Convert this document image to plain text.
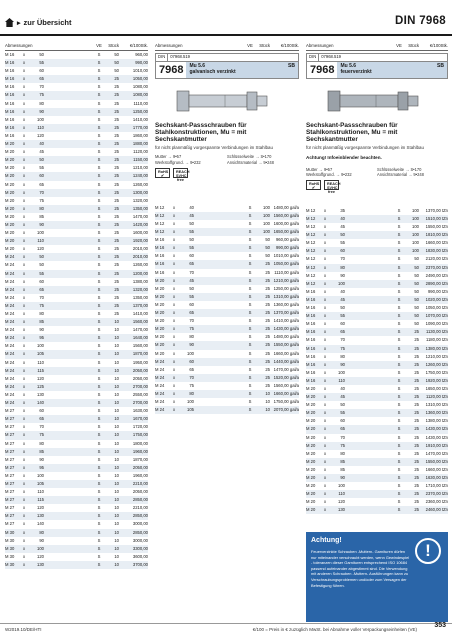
▸ zur Übersicht	DIN 7968
Abmessungen	VE	Stück	€/100Stk.
M 16	x	50	S	50	960,00
M 16	x	55	S	50	990,00
M 16	x	60	S	50	1010,00
M 16	x	65	S	25	1050,00
M 16	x	70	S	25	1080,00
M 16	x	75	S	25	1080,00
M 16	x	80	S	25	1110,00
M 16	x	90	S	25	1250,00
M 16	x	100	S	25	1410,00
M 16	x	110	S	25	1770,00
M 16	x	120	S	25	1860,00
M 20	x	40	S	25	1880,00
M 20	x	45	S	25	1120,00
M 20	x	50	S	25	1150,00
M 20	x	55	S	25	1210,00
M 20	x	60	S	25	1240,00
M 20	x	65	S	25	1260,00
M 20	x	70	S	25	1300,00
M 20	x	75	S	25	1320,00
M 20	x	80	S	25	1350,00
M 20	x	85	S	25	1470,00
M 20	x	90	S	25	1420,00
M 20	x	100	S	25	1600,00
M 20	x	110	S	25	1920,00
M 20	x	120	S	25	2010,00
M 24	x	50	S	25	2010,00
M 24	x	50	S	25	1260,00
M 24	x	55	S	25	1200,00
M 24	x	60	S	25	1380,00
M 24	x	65	S	25	1320,00
M 24	x	70	S	25	1350,00
M 24	x	75	S	25	1370,00
M 24	x	80	S	25	1410,00
M 24	x	85	S	10	1560,00
M 24	x	90	S	10	1470,00
M 24	x	95	S	10	1640,00
M 24	x	100	S	10	1560,00
M 24	x	105	S	10	1870,00
M 24	x	110	S	10	1950,00
M 24	x	115	S	10	2050,00
M 24	x	120	S	10	2050,00
M 24	x	125	S	10	2700,00
M 24	x	130	S	10	2550,00
M 24	x	140	S	10	2700,00
M 27	x	60	S	10	1630,00
M 27	x	65	S	10	1670,00
M 27	x	70	S	10	1720,00
M 27	x	75	S	10	1750,00
M 27	x	80	S	10	1800,00
M 27	x	85	S	10	1960,00
M 27	x	90	S	10	1870,00
M 27	x	95	S	10	2050,00
M 27	x	100	S	10	1960,00
M 27	x	105	S	10	2210,00
M 27	x	110	S	10	2050,00
M 27	x	115	S	10	2850,00
M 27	x	120	S	10	2210,00
M 27	x	130	S	10	2850,00
M 27	x	140	S	10	3000,00
M 30	x	80	S	10	2850,00
M 30	x	90	S	10	3000,00
M 30	x	100	S	10	3300,00
M 30	x	120	S	10	3600,00
M 30	x	130	S	10	3700,00
Abmessungen	VE	Stück	€/100Stk.
DIN	07968.519
7968	Mu 5.6
galvanisch verzinkt
SB
Sechskant-Passschrauben für Stahlkonstruktionen, Mu = mit Sechskantmutter
für nicht planmäßig vorgespannte Verbindungen im Stahlbau
Mutter → 9•57	Schlüsselweite → S•170
Werkstoffgrund. → 9•232	Ansichtsmaterial → 9•248
RoHS ✔
REACH SVHC free
M 12	x	40	S	100 1480,00 gal/a
M 12	x	45	S	100 1560,00 gal/a
M 12	x	50	S	100 1600,00 gal/a
M 12	x	55	S	100 1650,00 gal/a
M 16	x	50	S	50	960,00 gal/a
M 16	x	55	S	50	990,00 gal/a
M 16	x	60	S	50 1010,00 gal/a
M 16	x	65	S	25 1050,00 gal/a
M 16	x	70	S	25	1110,00 gal/a
M 20	x	45	S	25 1210,00 gal/a
M 20	x	50	S	25 1250,00 gal/a
M 20	x	55	S	25 1310,00 gal/a
M 20	x	60	S	25 1360,00 gal/a
M 20	x	65	S	25 1370,00 gal/a
M 20	x	70	S	25 1410,00 gal/a
M 20	x	75	S	25 1430,00 gal/a
M 20	x	80	S	25 1480,00 gal/a
M 20	x	90	S	25 1550,00 gal/a
M 20	x	100	S	25 1660,00 gal/a
M 24	x	60	S	25 1440,00 gal/a
M 24	x	65	S	25 1470,00 gal/a
M 24	x	70	S	25 1520,00 gal/a
M 24	x	75	S	25 1560,00 gal/a
M 24	x	80	S	10 1660,00 gal/a
M 24	x	100	S	10 1750,00 gal/a
M 24	x	105	S	10 2070,00 gal/a
Abmessungen	VE	Stück	€/100Stk.
DIN	07968.519
7968	Mu 5.6
feuerverzinkt
SB
Sechskant-Passschrauben für Stahlkonstruktionen, Mu = mit Sechskantmutter
für nicht planmäßig vorgespannte Verbindungen im Stahlbau
Achtung! Infoeinblender beachten.
Mutter → 9•57	Schlüsselweite → S•170
Werkstoffgrund. → 9•232	Ansichtsmaterial → 9•248
RoHS ✔
REACH SVHC free
M 12	x	35	S	100	1370,00 tZn
M 12	x	40	S	100	1510,00 tZn
M 12	x	45	S	100	1550,00 tZn
M 12	x	50	S	100	1810,00 tZn
M 12	x	55	S	100	1660,00 tZn
M 12	x	60	S	100	1830,00 tZn
M 12	x	70	S	50	2120,00 tZn
M 12	x	80	S	50	2370,00 tZn
M 12	x	90	S	50	2490,00 tZn
M 12	x	100	S	50	2890,00 tZn
M 16	x	40	S	50	990,00 tZn
M 16	x	45	S	50	1020,00 tZn
M 16	x	50	S	50	1050,00 tZn
M 16	x	55	S	50	1070,00 tZn
M 16	x	60	S	50	1090,00 tZn
M 16	x	65	S	25	1130,00 tZn
M 16	x	70	S	25	1180,00 tZn
M 16	x	75	S	25	1380,00 tZn
M 16	x	80	S	25	1210,00 tZn
M 16	x	90	S	25	1260,00 tZn
M 16	x	100	S	25	1750,00 tZn
M 16	x	110	S	25	1920,00 tZn
M 20	x	40	S	25	1650,00 tZn
M 20	x	45	S	25	1120,00 tZn
M 20	x	50	S	25	1310,00 tZn
M 20	x	55	S	25	1360,00 tZn
M 20	x	60	S	25	1380,00 tZn
M 20	x	65	S	25	1430,00 tZn
M 20	x	70	S	25	1430,00 tZn
M 20	x	75	S	25	1910,00 tZn
M 20	x	80	S	25	1470,00 tZn
M 20	x	85	S	25	1550,00 tZn
M 20	x	85	S	25	1660,00 tZn
M 20	x	90	S	25	1630,00 tZn
M 20	x	100	S	25	1710,00 tZn
M 20	x	110	S	25	2370,00 tZn
M 20	x	120	S	25	2360,00 tZn
M 20	x	130	S	25	2460,00 tZn
Achtung!
Feuerverzinkte Schrauben -Muttern- Garnituren dürfen nur miteinander verschraubt werden, wenn Gewindespiel - toleranzen dieser Garnituren entsprechend ISO 10684 passend aufeinander abgestimmt sind. Die Verwendung mit anderen Schrauben -Muttern- Ausführungen kann zu Verschraubungsproblemen und/oder zum Versagen der Befestigung führen.
!
W2019.10/DE/HTI	€/100 = Preis in € zuzüglich MwSt. bei Abnahme voller Verpackungseinheiten (VE)
353
